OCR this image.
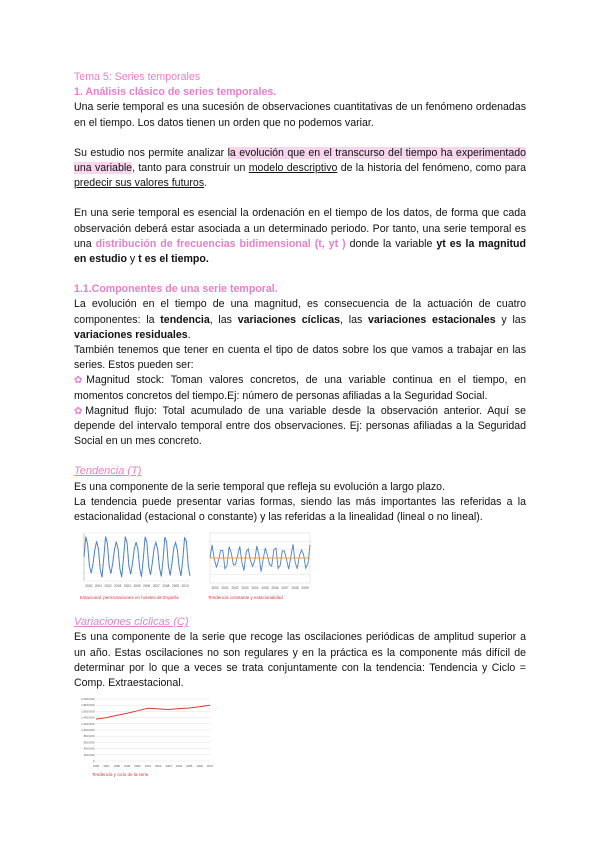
Tema 5: Series temporales

1. Análisis clásico de series temporales.

Una serie temporal es una sucesión de observaciones cuantitativas de un fenómeno ordenadas en el tiempo. Los datos tienen un orden que no podemos variar.

Su estudio nos permite analizar la evolución que en el transcurso del tiempo ha experimentado una variable, tanto para construir un modelo descriptivo de la historia del fenómeno, como para predecir sus valores futuros.

En una serie temporal es esencial la ordenación en el tiempo de los datos, de forma que cada observación deberá estar asociada a un determinado periodo. Por tanto, una serie temporal es una distribución de frecuencias bidimensional (t, yt ) donde la variable yt es la magnitud en estudio y t es el tiempo.

1.1.Componentes de una serie temporal.

La evolución en el tiempo de una magnitud, es consecuencia de la actuación de cuatro componentes: la tendencia, las variaciones cíclicas, las variaciones estacionales y las variaciones residuales.

También tenemos que tener en cuenta el tipo de datos sobre los que vamos a trabajar en las series. Estos pueden ser:

✿Magnitud stock: Toman valores concretos, de una variable continua en el tiempo, en momentos concretos del tiempo.Ej: número de personas afiliadas a la Seguridad Social.

✿Magnitud flujo: Total acumulado de una variable desde la observación anterior. Aquí se depende del intervalo temporal entre dos observaciones. Ej: personas afiliadas a la Seguridad Social en un mes concreto.

Tendencia (T)

Es una componente de la serie temporal que refleja su evolución a largo plazo.

La tendencia puede presentar varias formas, siendo las más importantes las referidas a la estacionalidad (estacional o constante) y las referidas a la linealidad (lineal o no lineal).

2000 2001 2002 2003 2004 2005 2006 2007 2008 2009 2010
Estacional: pernoctaciones en hoteles de España
2000 2001 2002 2003 2004 2005 2006 2007 2008 2009
Tendencia constante y estacionalidad

Variaciones cíclicas (C)

Es una componente de la serie que recoge las oscilaciones periódicas de amplitud superior a un año. Estas oscilaciones no son regulares y en la práctica es la componente más difícil de determinar por lo que a veces se trata conjuntamente con la tendencia: Tendencia y Ciclo = Comp. Extraestacional.

2.000.000
1.800.000
1.600.000
1.400.000
1.200.000
1.000.000
800.000
600.000
400.000
200.000
0
1996 1997 1998 1999 2000 2001 2002 2003 2004 2005 2006 2007
Tendencia y ciclo de la serie
